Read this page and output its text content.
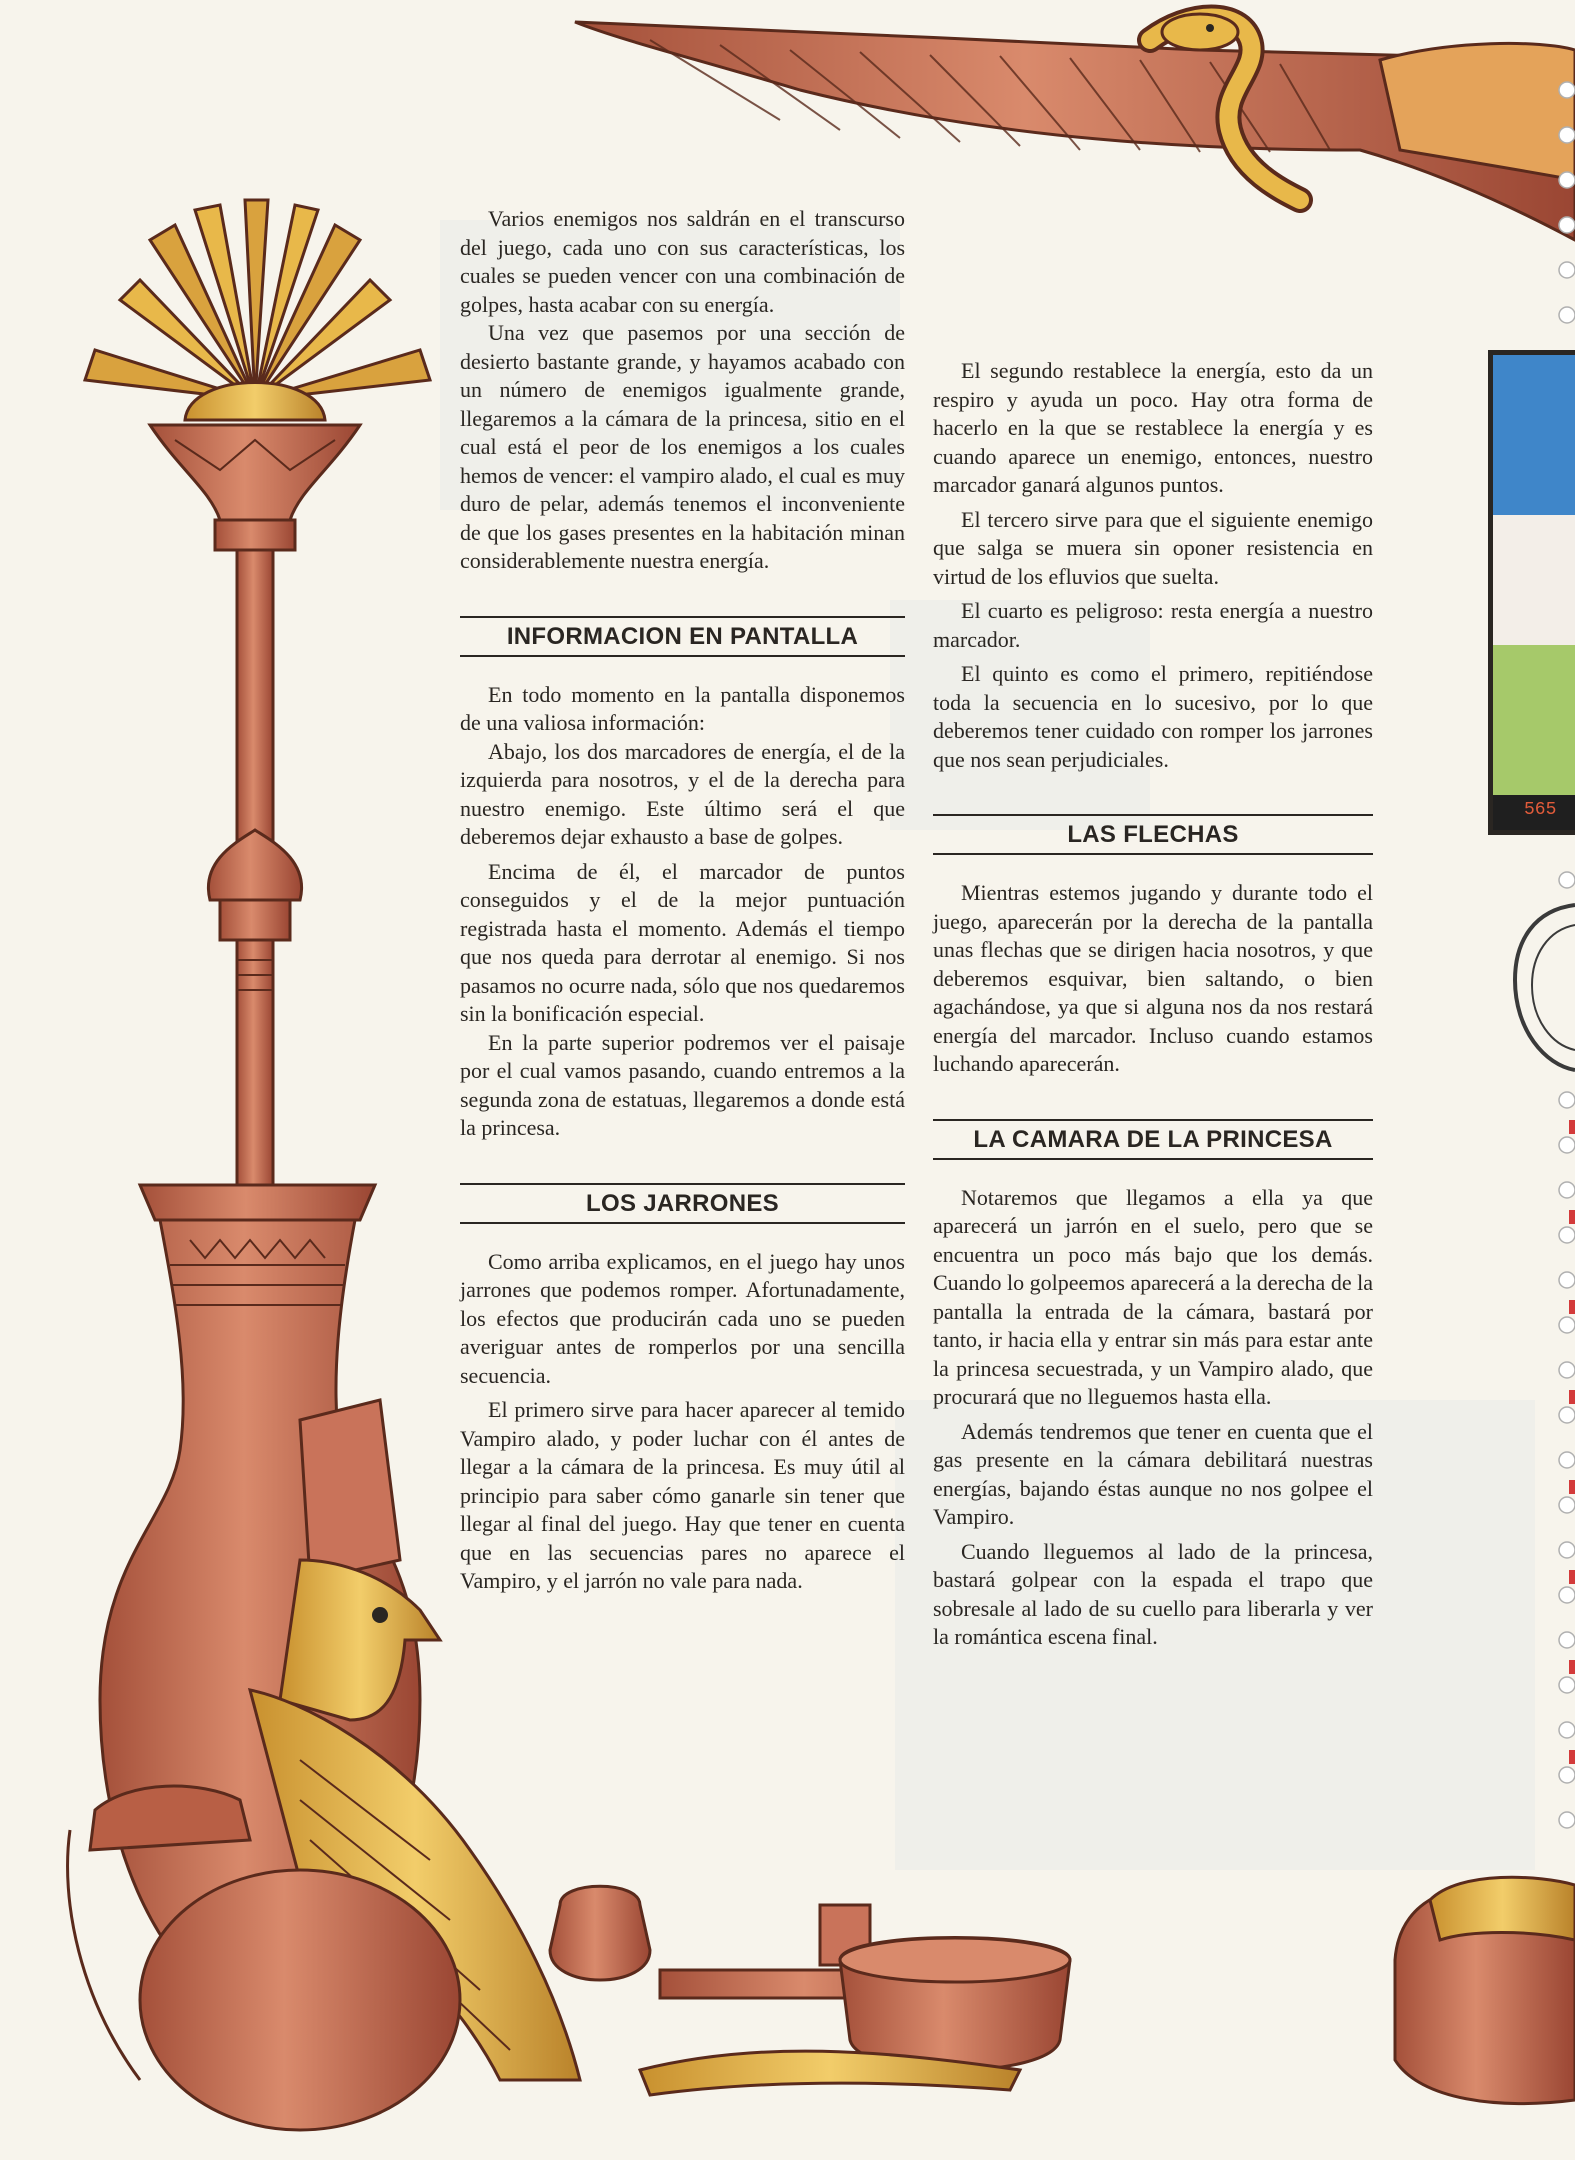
565

Varios enemigos nos saldrán en el transcurso del juego, cada uno con sus características, los cuales se pueden vencer con una combinación de golpes, hasta acabar con su energía.

Una vez que pasemos por una sección de desierto bastante grande, y hayamos acabado con un número de enemigos igualmente grande, llegaremos a la cámara de la princesa, sitio en el cual está el peor de los enemigos a los cuales hemos de vencer: el vampiro alado, el cual es muy duro de pelar, además tenemos el inconveniente de que los gases presentes en la habitación minan considerablemente nuestra energía.

INFORMACION EN PANTALLA

En todo momento en la pantalla disponemos de una valiosa información:

Abajo, los dos marcadores de energía, el de la izquierda para nosotros, y el de la derecha para nuestro enemigo. Este último será el que deberemos dejar exhausto a base de golpes.

Encima de él, el marcador de puntos conseguidos y el de la mejor puntuación registrada hasta el momento. Además el tiempo que nos queda para derrotar al enemigo. Si nos pasamos no ocurre nada, sólo que nos quedaremos sin la bonificación especial.

En la parte superior podremos ver el paisaje por el cual vamos pasando, cuando entremos a la segunda zona de estatuas, llegaremos a donde está la princesa.

LOS JARRONES

Como arriba explicamos, en el juego hay unos jarrones que podemos romper. Afortunadamente, los efectos que producirán cada uno se pueden averiguar antes de romperlos por una sencilla secuencia.

El primero sirve para hacer aparecer al temido Vampiro alado, y poder luchar con él antes de llegar a la cámara de la princesa. Es muy útil al principio para saber cómo ganarle sin tener que llegar al final del juego. Hay que tener en cuenta que en las secuencias pares no aparece el Vampiro, y el jarrón no vale para nada.

El segundo restablece la energía, esto da un respiro y ayuda un poco. Hay otra forma de hacerlo en la que se restablece la energía y es cuando aparece un enemigo, entonces, nuestro marcador ganará algunos puntos.

El tercero sirve para que el siguiente enemigo que salga se muera sin oponer resistencia en virtud de los efluvios que suelta.

El cuarto es peligroso: resta energía a nuestro marcador.

El quinto es como el primero, repitiéndose toda la secuencia en lo sucesivo, por lo que deberemos tener cuidado con romper los jarrones que nos sean perjudiciales.

LAS FLECHAS

Mientras estemos jugando y durante todo el juego, aparecerán por la derecha de la pantalla unas flechas que se dirigen hacia nosotros, y que deberemos esquivar, bien saltando, o bien agachándose, ya que si alguna nos da nos restará energía del marcador. Incluso cuando estamos luchando aparecerán.

LA CAMARA DE LA PRINCESA

Notaremos que llegamos a ella ya que aparecerá un jarrón en el suelo, pero que se encuentra un poco más bajo que los demás. Cuando lo golpeemos aparecerá a la derecha de la pantalla la entrada de la cámara, bastará por tanto, ir hacia ella y entrar sin más para estar ante la princesa secuestrada, y un Vampiro alado, que procurará que no lleguemos hasta ella.

Además tendremos que tener en cuenta que el gas presente en la cámara debilitará nuestras energías, bajando éstas aunque no nos golpee el Vampiro.

Cuando lleguemos al lado de la princesa, bastará golpear con la espada el trapo que sobresale al lado de su cuello para liberarla y ver la romántica escena final.
